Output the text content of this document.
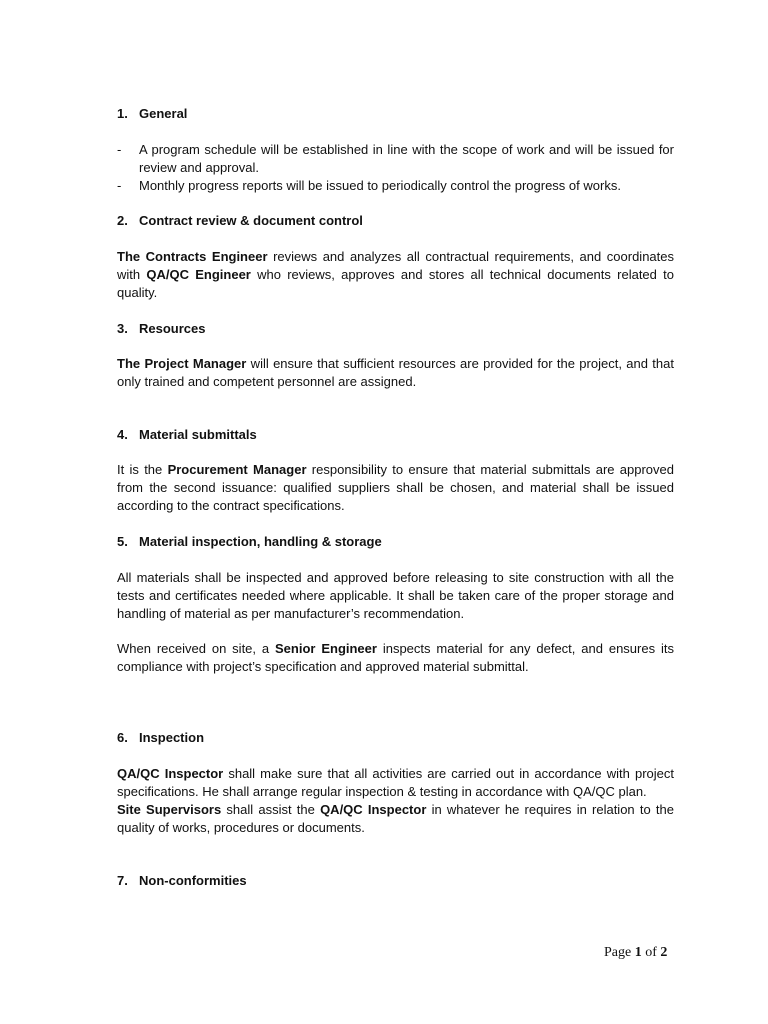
1. General
- A program schedule will be established in line with the scope of work and will be issued for review and approval.
- Monthly progress reports will be issued to periodically control the progress of works.
2. Contract review & document control
The Contracts Engineer reviews and analyzes all contractual requirements, and coordinates with QA/QC Engineer who reviews, approves and stores all technical documents related to quality.
3. Resources
The Project Manager will ensure that sufficient resources are provided for the project, and that only trained and competent personnel are assigned.
4. Material submittals
It is the Procurement Manager responsibility to ensure that material submittals are approved from the second issuance: qualified suppliers shall be chosen, and material shall be issued according to the contract specifications.
5. Material inspection, handling & storage
All materials shall be inspected and approved before releasing to site construction with all the tests and certificates needed where applicable. It shall be taken care of the proper storage and handling of material as per manufacturer’s recommendation.
When received on site, a Senior Engineer inspects material for any defect, and ensures its compliance with project’s specification and approved material submittal.
6. Inspection
QA/QC Inspector shall make sure that all activities are carried out in accordance with project specifications. He shall arrange regular inspection & testing in accordance with QA/QC plan.
Site Supervisors shall assist the QA/QC Inspector in whatever he requires in relation to the quality of works, procedures or documents.
7. Non-conformities
Page 1 of 2
